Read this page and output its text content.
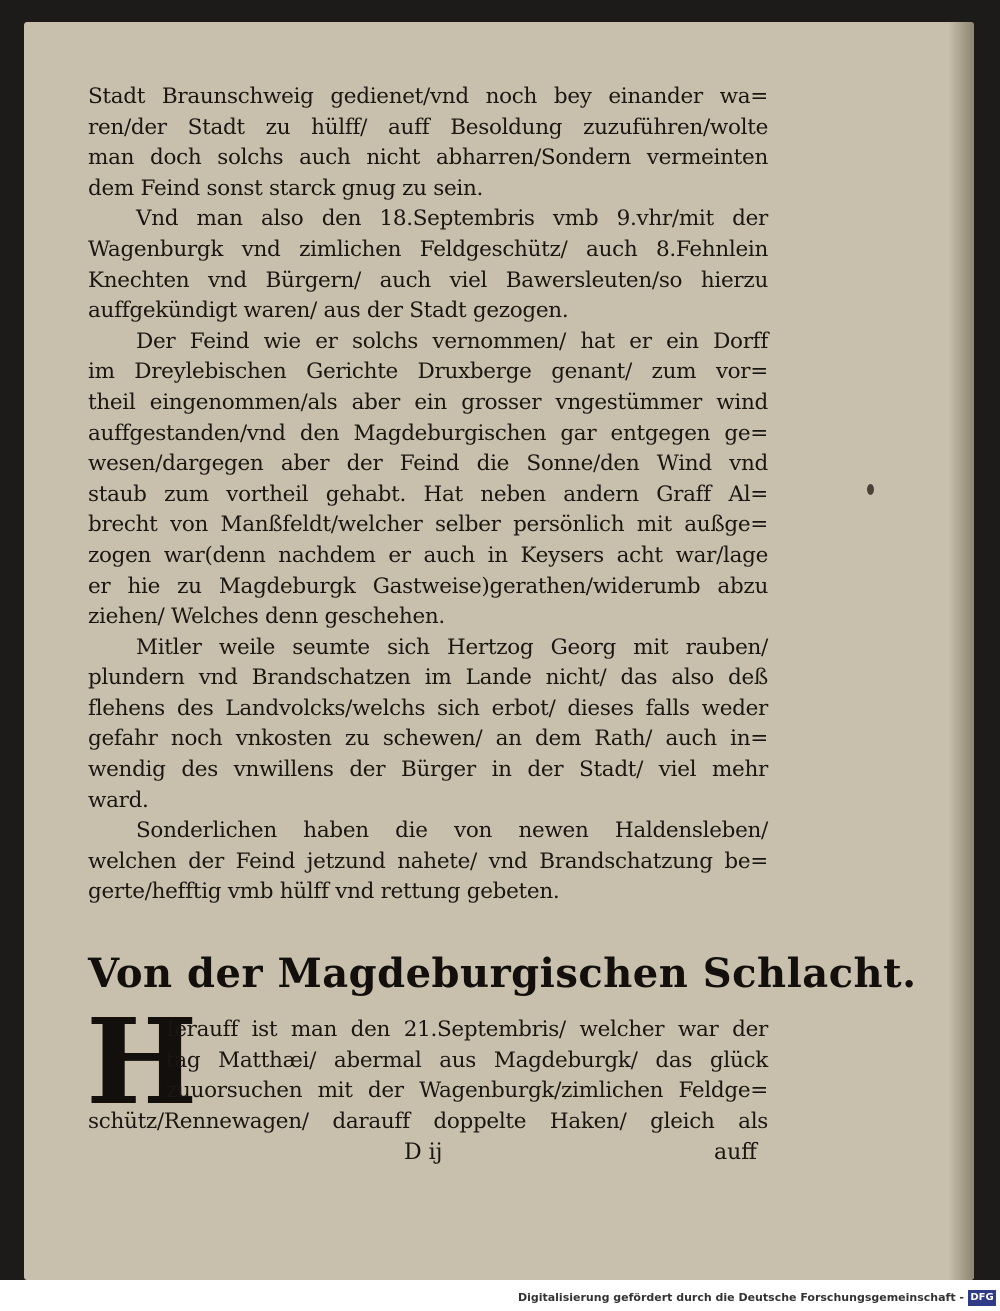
Stadt Braunschweig gedienet/vnd noch bey einander wa=
ren/der Stadt zu hülff/ auff Besoldung zuzuführen/wolte
man doch solchs auch nicht abharren/Sondern vermeinten
dem Feind sonst starck gnug zu sein.
Vnd man also den 18.Septembris vmb 9.vhr/mit der
Wagenburgk vnd zimlichen Feldgeschütz/ auch 8.Fehnlein
Knechten vnd Bürgern/ auch viel Bawersleuten/so hierzu
auffgekündigt waren/ aus der Stadt gezogen.
Der Feind wie er solchs vernommen/ hat er ein Dorff
im Dreylebischen Gerichte Druxberge genant/ zum vor=
theil eingenommen/als aber ein grosser vngestümmer wind
auffgestanden/vnd den Magdeburgischen gar entgegen ge=
wesen/dargegen aber der Feind die Sonne/den Wind vnd
staub zum vortheil gehabt. Hat neben andern Graff Al=
brecht von Manßfeldt/welcher selber persönlich mit außge=
zogen war(denn nachdem er auch in Keysers acht war/lage
er hie zu Magdeburgk Gastweise)gerathen/widerumb abzu
ziehen/ Welches denn geschehen.
Mitler weile seumte sich Hertzog Georg mit rauben/
plundern vnd Brandschatzen im Lande nicht/ das also deß
flehens des Landvolcks/welchs sich erbot/ dieses falls weder
gefahr noch vnkosten zu schewen/ an dem Rath/ auch in=
wendig des vnwillens der Bürger in der Stadt/ viel mehr
ward.
Sonderlichen haben die von newen Haldensleben/
welchen der Feind jetzund nahete/ vnd Brandschatzung be=
gerte/hefftig vmb hülff vnd rettung gebeten.
Von der Magdeburgischen Schlacht.
H
Ierauff ist man den 21.Septembris/ welcher war der
tag Matthæi/ abermal aus Magdeburgk/ das glück
zuuorsuchen mit der Wagenburgk/zimlichen Feldge=
schütz/Rennewagen/ darauff doppelte Haken/ gleich als
D ij	auff
Digitalisierung gefördert durch die Deutsche Forschungsgemeinschaft - DFG
